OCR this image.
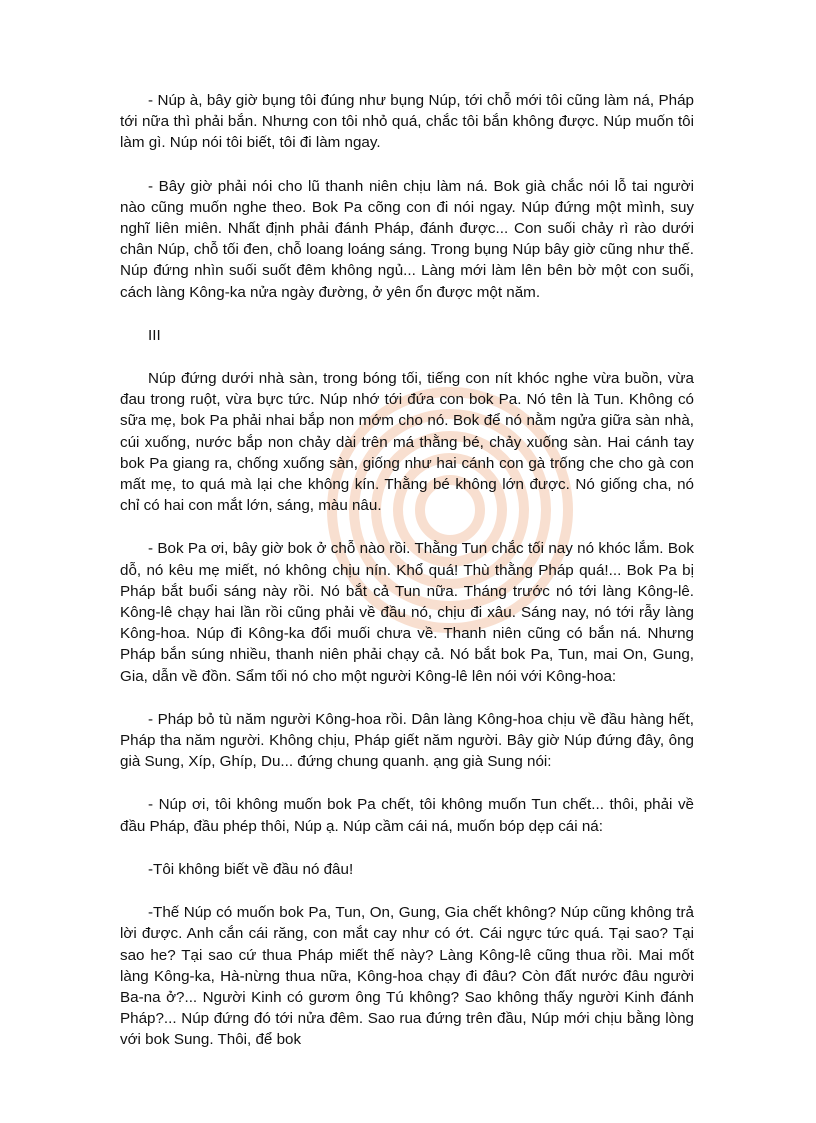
- Núp à, bây giờ bụng tôi đúng như bụng Núp, tới chỗ mới tôi cũng làm ná, Pháp tới nữa thì phải bắn. Nhưng con tôi nhỏ quá, chắc tôi bắn không được. Núp muốn tôi làm gì. Núp nói tôi biết, tôi đi làm ngay.

- Bây giờ phải nói cho lũ thanh niên chịu làm ná. Bok già chắc nói lỗ tai người nào cũng muốn nghe theo. Bok Pa cõng con đi nói ngay. Núp đứng một mình, suy nghĩ liên miên. Nhất định phải đánh Pháp, đánh được... Con suối chảy rì rào dưới chân Núp, chỗ tối đen, chỗ loang loáng sáng. Trong bụng Núp bây giờ cũng như thế. Núp đứng nhìn suối suốt đêm không ngủ... Làng mới làm lên bên bờ một con suối, cách làng Kông-ka nửa ngày đường, ở yên ổn được một năm.

III

Núp đứng dưới nhà sàn, trong bóng tối, tiếng con nít khóc nghe vừa buồn, vừa đau trong ruột, vừa bực tức. Núp nhớ tới đứa con bok Pa. Nó tên là Tun. Không có sữa mẹ, bok Pa phải nhai bắp non mớm cho nó. Bok để nó nằm ngửa giữa sàn nhà, cúi xuống, nước bắp non chảy dài trên má thằng bé, chảy xuống sàn. Hai cánh tay bok Pa giang ra, chống xuống sàn, giống như hai cánh con gà trống che cho gà con mất mẹ, to quá mà lại che không kín. Thằng bé không lớn được. Nó giống cha, nó chỉ có hai con mắt lớn, sáng, màu nâu.

- Bok Pa ơi, bây giờ bok ở chỗ nào rồi. Thằng Tun chắc tối nay nó khóc lắm. Bok dỗ, nó kêu mẹ miết, nó không chịu nín. Khổ quá! Thù thằng Pháp quá!... Bok Pa bị Pháp bắt buổi sáng này rồi. Nó bắt cả Tun nữa. Tháng trước nó tới làng Kông-lê. Kông-lê chạy hai lần rồi cũng phải về đầu nó, chịu đi xâu. Sáng nay, nó tới rẫy làng Kông-hoa. Núp đi Kông-ka đổi muối chưa về. Thanh niên cũng có bắn ná. Nhưng Pháp bắn súng nhiều, thanh niên phải chạy cả. Nó bắt bok Pa, Tun, mai On, Gung, Gia, dẫn về đồn. Sẩm tối nó cho một người Kông-lê lên nói với Kông-hoa:

- Pháp bỏ tù năm người Kông-hoa rồi. Dân làng Kông-hoa chịu về đầu hàng hết, Pháp tha năm người. Không chịu, Pháp giết năm người. Bây giờ Núp đứng đây, ông già Sung, Xíp, Ghíp, Du... đứng chung quanh. ạng già Sung nói:

- Núp ơi, tôi không muốn bok Pa chết, tôi không muốn Tun chết... thôi, phải về đầu Pháp, đầu phép thôi, Núp ạ. Núp cầm cái ná, muốn bóp dẹp cái ná:

-Tôi không biết về đầu nó đâu!

-Thế Núp có muốn bok Pa, Tun, On, Gung, Gia chết không? Núp cũng không trả lời được. Anh cắn cái răng, con mắt cay như có ớt. Cái ngực tức quá. Tại sao? Tại sao he? Tại sao cứ thua Pháp miết thế này? Làng Kông-lê cũng thua rồi. Mai mốt làng Kông-ka, Hà-nừng thua nữa, Kông-hoa chạy đi đâu? Còn đất nước đâu người Ba-na ở?... Người Kinh có gươm ông Tú không? Sao không thấy người Kinh đánh Pháp?... Núp đứng đó tới nửa đêm. Sao rua đứng trên đầu, Núp mới chịu bằng lòng với bok Sung. Thôi, để bok
